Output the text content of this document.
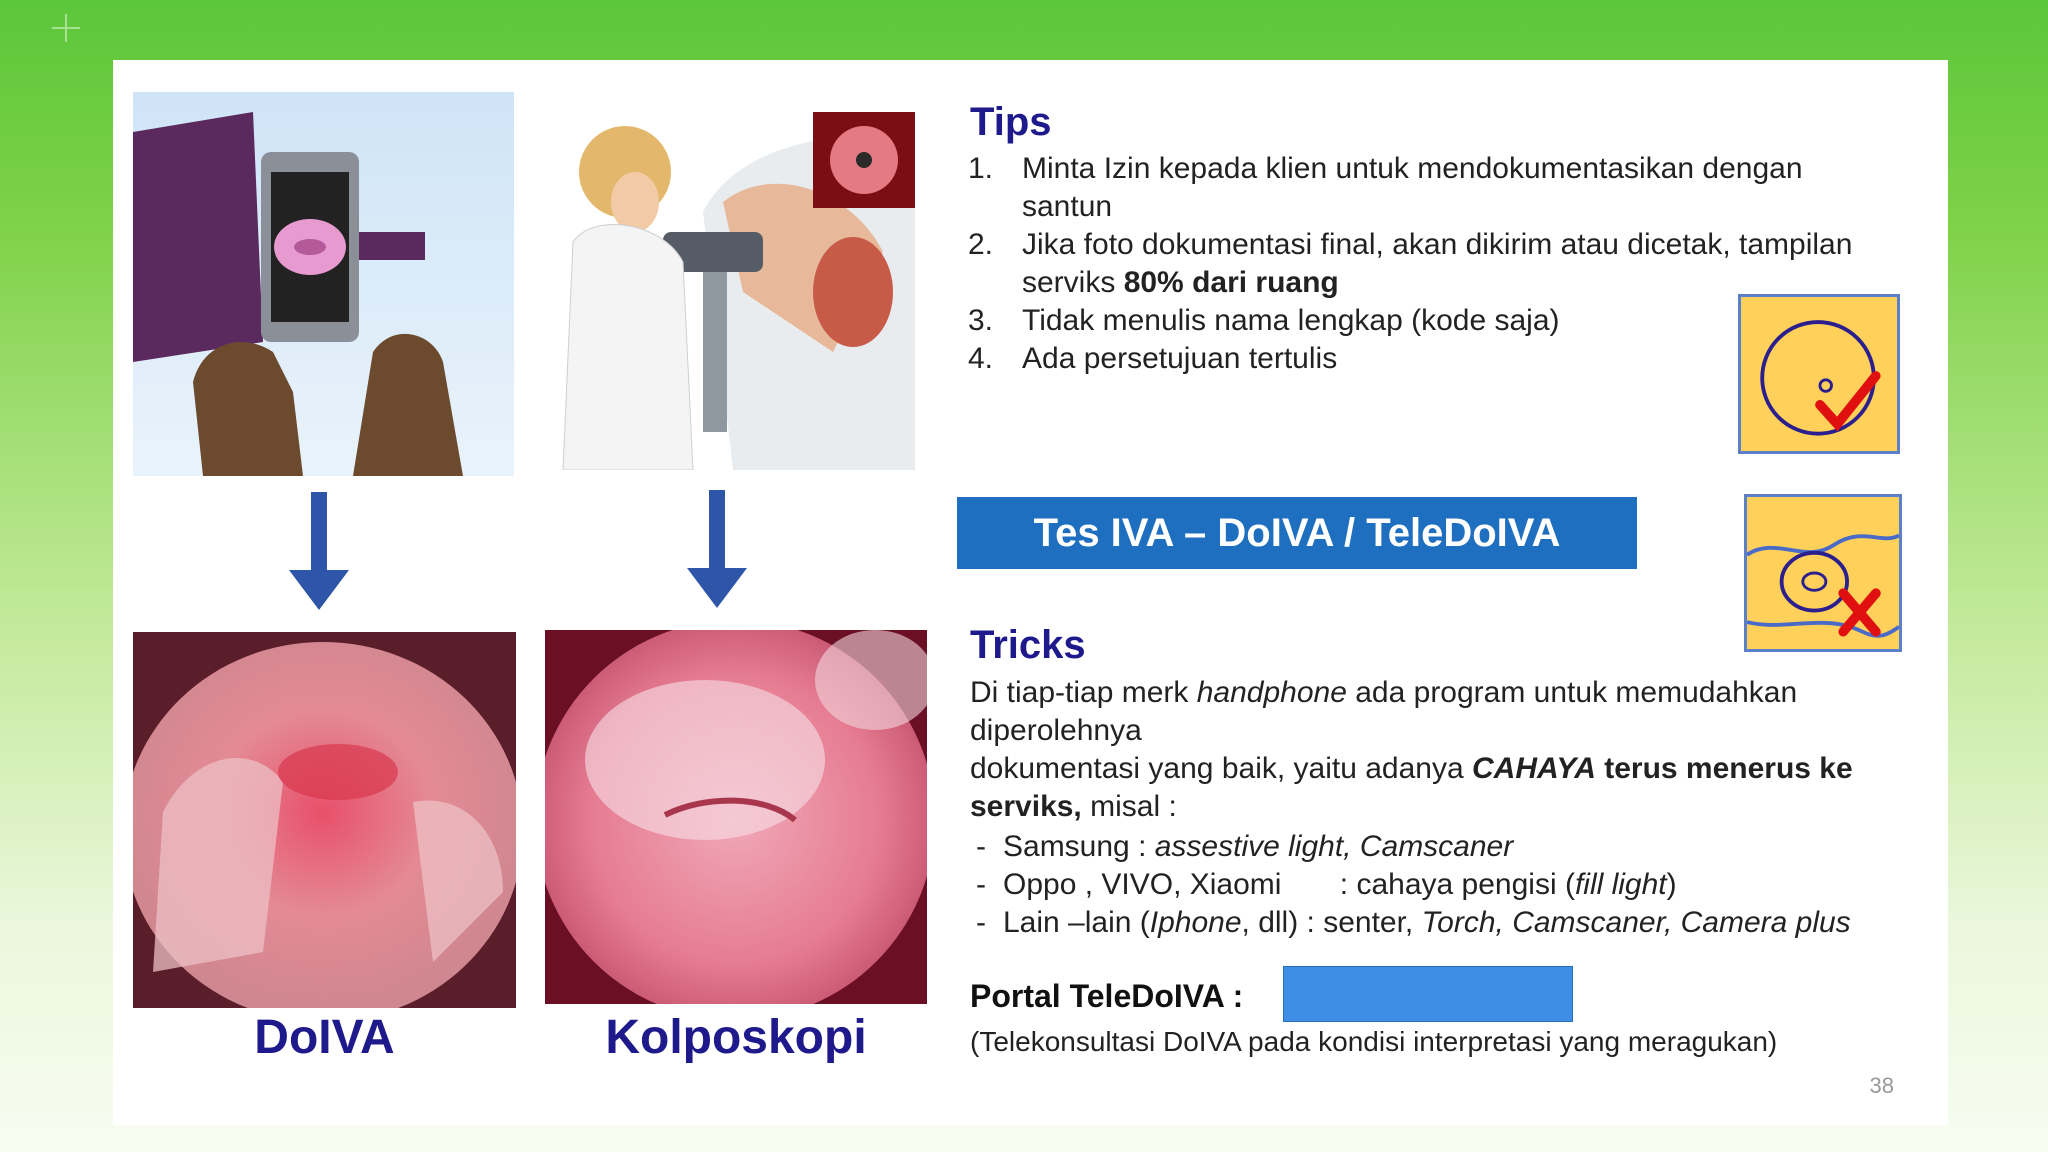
DoIVA	Kolposkopi
Tips
1. Minta Izin kepada klien untuk mendokumentasikan dengan santun
2. Jika foto dokumentasi final, akan dikirim atau dicetak, tampilan serviks 80% dari ruang
3. Tidak menulis nama lengkap (kode saja)
4. Ada persetujuan tertulis
Tes IVA – DoIVA / TeleDoIVA
Tricks

Di tiap-tiap merk handphone ada program untuk memudahkan diperolehnya

dokumentasi yang baik, yaitu adanya CAHAYA terus menerus ke serviks, misal :

- Samsung : assestive light, Camscaner
- Oppo , VIVO, Xiaomi       : cahaya pengisi (fill light)
- Lain –lain (Iphone, dll) : senter, Torch, Camscaner, Camera plus
Portal TeleDoIVA :
(Telekonsultasi DoIVA pada kondisi interpretasi yang meragukan)
38
